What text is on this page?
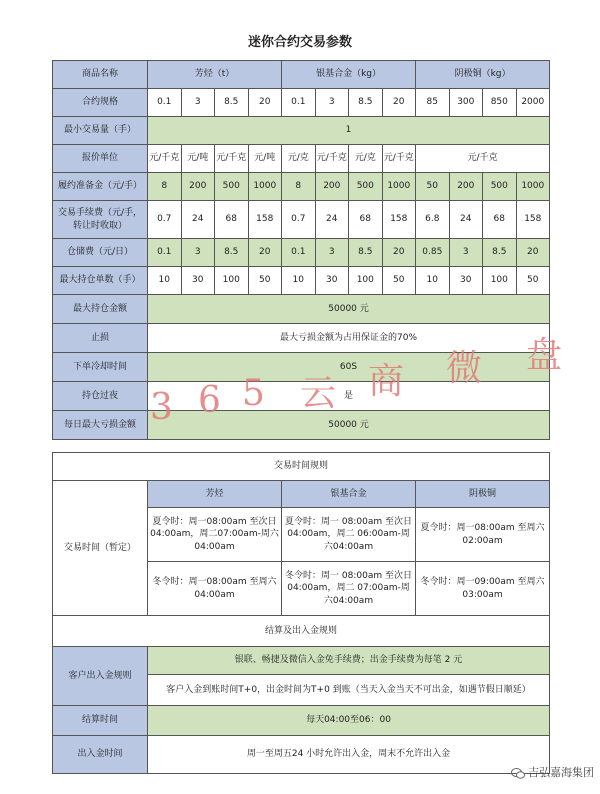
迷你合约交易参数
商品名称	芳烃（t）				银基合金（kg）				阴极铜（kg）			
合约规格	0.1	3	8.5	20	0.1	3	8.5	20	85	300	850	2000
最小交易量（手）	1											
报价单位	元/千克	元/吨	元/千克	元/吨	元/克	元/千克	元/克	元/千克	元/千克			
履约准备金（元/手）	8	200	500	1000	8	200	500	1000	50	200	500	1000
交易手续费（元/手，转让时收取）	0.7	24	68	158	0.7	24	68	158	6.8	24	68	158
仓储费（元/日）	0.1	3	8.5	20	0.1	3	8.5	20	0.85	3	8.5	20
最大持仓单数（手）	10	30	100	50	10	30	100	50	10	30	100	50
最大持仓金额	50000 元											
止损	最大亏损金额为占用保证金的70%											
下单冷却时间	60S											
持仓过夜	是											
每日最大亏损金额	50000 元											
交易时间规则			
交易时间（暂定）	芳烃	银基合金	阴极铜
	夏令时：周一08:00am 至次日04:00am，周二07:00am-周六04:00am	夏令时：周一 08:00am 至次日04:00am，周二 06:00am-周六04:00am	夏令时：周一08:00am 至周六02:00am
	冬令时：周一08:00am 至周六04:00am	冬令时：周一 08:00am 至次日04:00am，周二 07:00am-周六04:00am	冬令时：周一09:00am 至周六03:00am
结算及出入金规则			
客户出入金规则	银联、畅捷及微信入金免手续费；出金手续费为每笔 2 元		
	客户入金到账时间T+0，出金时间为T+0 到账（当天入金当天不可出金，如遇节假日顺延）		
结算时间	每天04:00至06：00		
出入金时间	周一至周五24 小时允许出入金，周末不允许出入金		
3 6 5 云 商 微 盘
吉弘嘉海集团
